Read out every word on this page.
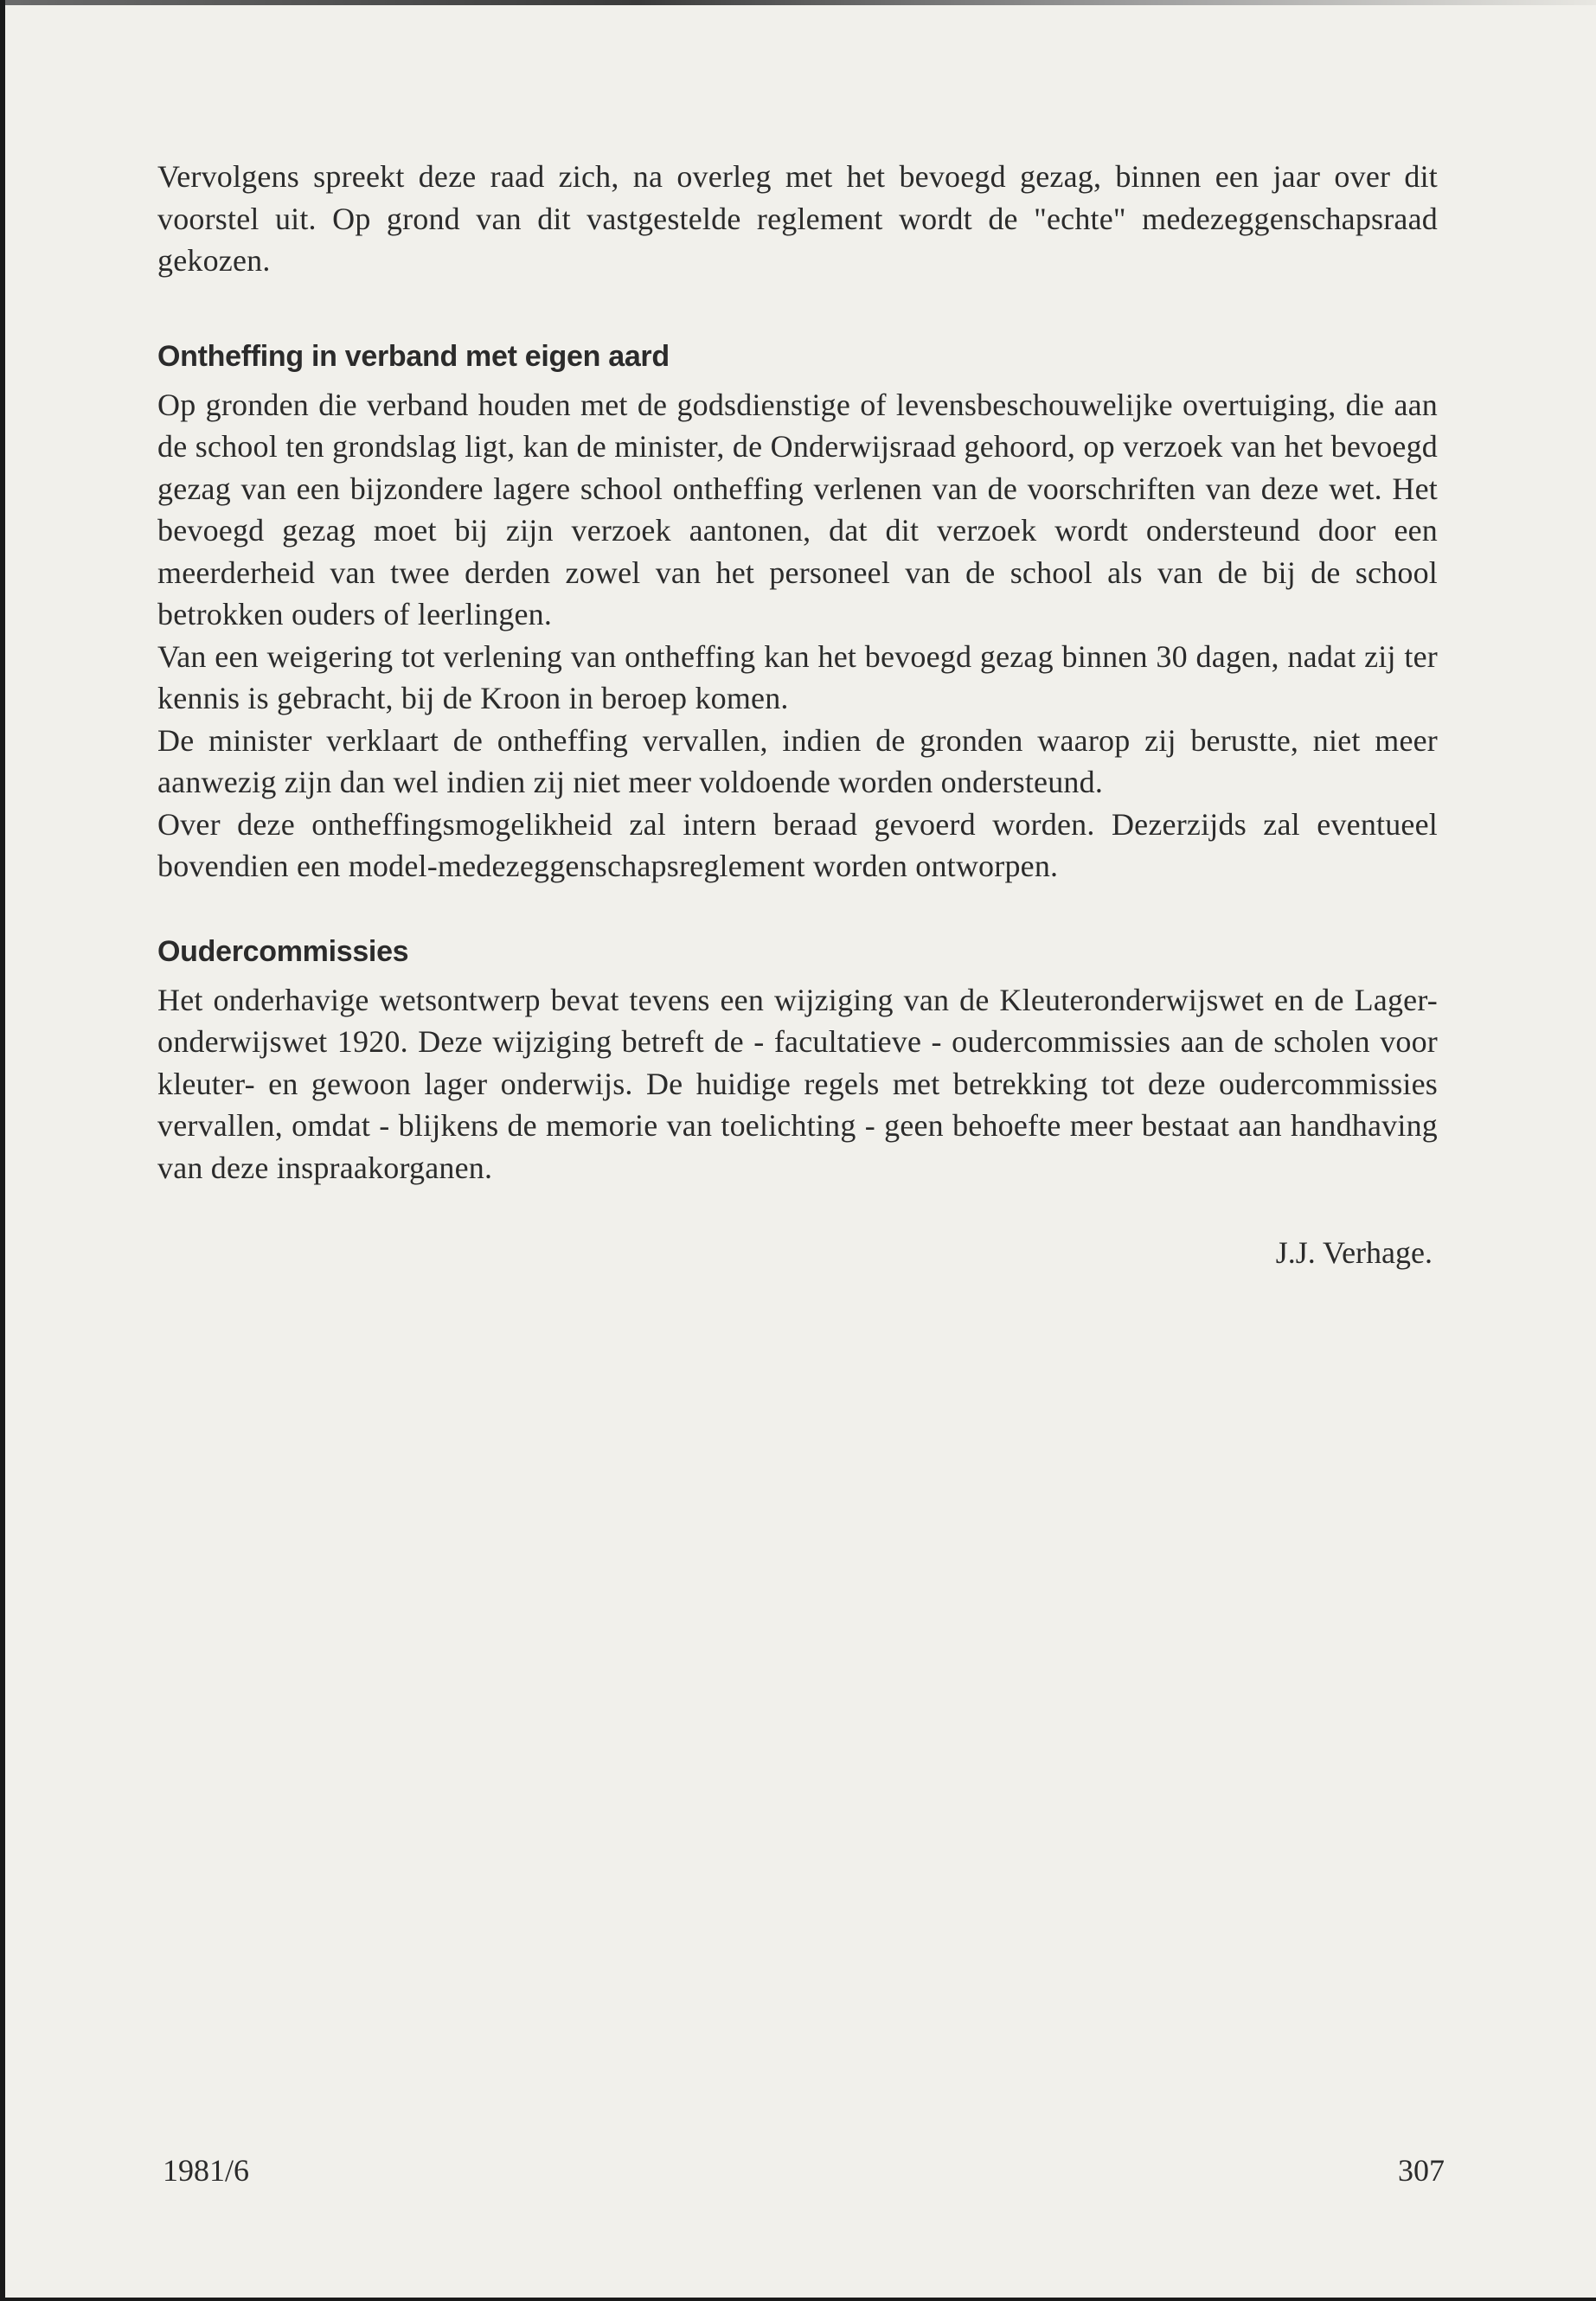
Vervolgens spreekt deze raad zich, na overleg met het bevoegd gezag, binnen een jaar over dit voorstel uit. Op grond van dit vastgestelde reglement wordt de "echte" medezeggenschapsraad gekozen.

Ontheffing in verband met eigen aard

Op gronden die verband houden met de godsdienstige of levensbeschouwelijke overtuiging, die aan de school ten grondslag ligt, kan de minister, de Onderwijsraad gehoord, op verzoek van het bevoegd gezag van een bijzondere lagere school ontheffing verlenen van de voorschriften van deze wet. Het bevoegd gezag moet bij zijn verzoek aantonen, dat dit verzoek wordt ondersteund door een meerderheid van twee derden zowel van het personeel van de school als van de bij de school betrokken ouders of leerlingen.

Van een weigering tot verlening van ontheffing kan het bevoegd gezag binnen 30 dagen, nadat zij ter kennis is gebracht, bij de Kroon in beroep komen.

De minister verklaart de ontheffing vervallen, indien de gronden waarop zij berustte, niet meer aanwezig zijn dan wel indien zij niet meer voldoende worden ondersteund.

Over deze ontheffingsmogelikheid zal intern beraad gevoerd worden. Dezerzijds zal eventueel bovendien een model-medezeggenschapsreglement worden ontworpen.

Oudercommissies

Het onderhavige wetsontwerp bevat tevens een wijziging van de Kleuteronderwijswet en de Lager-onderwijswet 1920. Deze wijziging betreft de - facultatieve - oudercommissies aan de scholen voor kleuter- en gewoon lager onderwijs. De huidige regels met betrekking tot deze oudercommissies vervallen, omdat - blijkens de memorie van toelichting - geen behoefte meer bestaat aan handhaving van deze inspraakorganen.

J.J. Verhage.

1981/6	307
